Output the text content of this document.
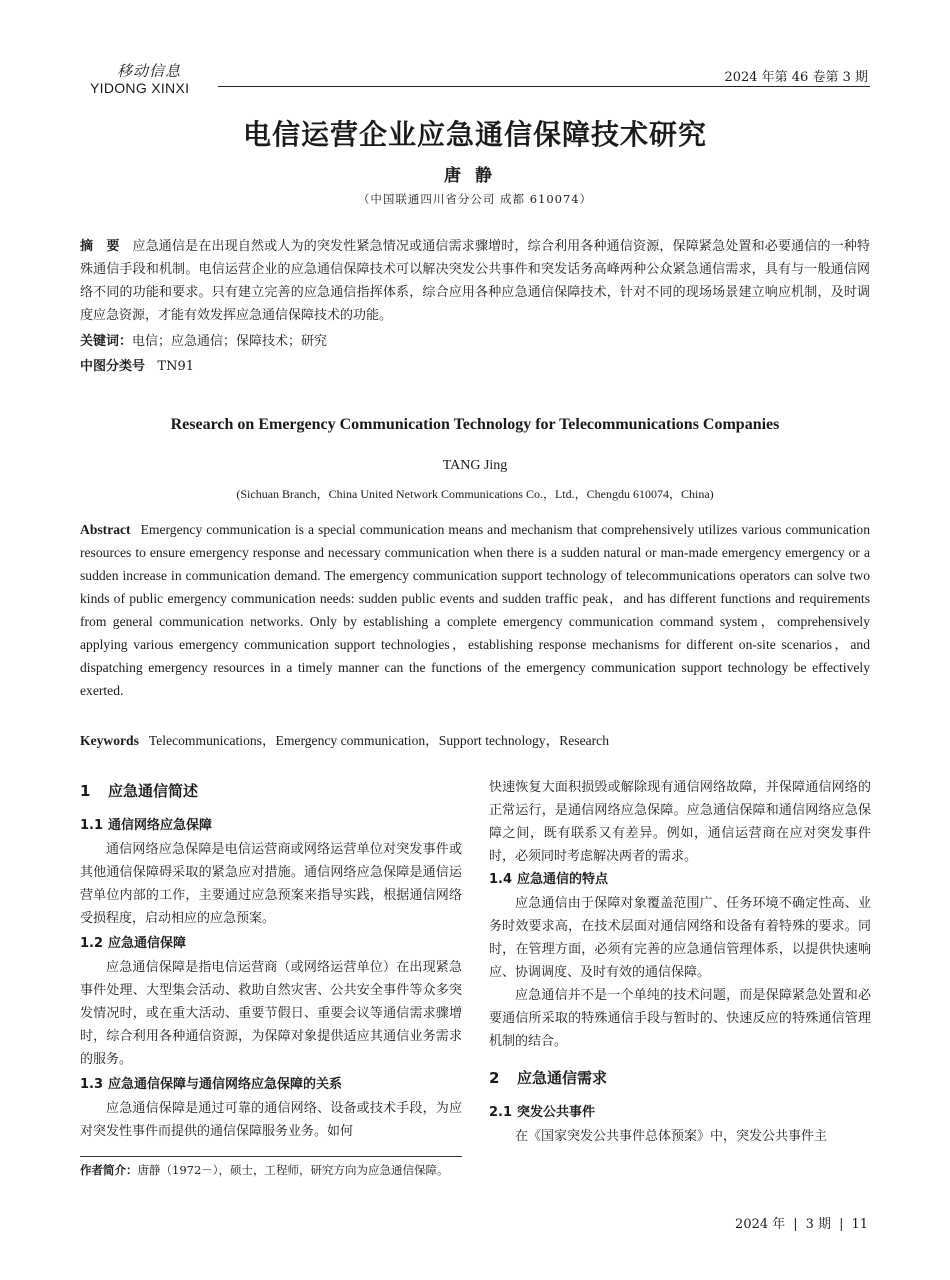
移动信息
YIDONG XINXI
2024 年第 46 卷第 3 期
电信运营企业应急通信保障技术研究
唐静
（中国联通四川省分公司 成都 610074）
摘　要 应急通信是在出现自然或人为的突发性紧急情况或通信需求骤增时，综合利用各种通信资源，保障紧急处置和必要通信的一种特殊通信手段和机制。电信运营企业的应急通信保障技术可以解决突发公共事件和突发话务高峰两种公众紧急通信需求，具有与一般通信网络不同的功能和要求。只有建立完善的应急通信指挥体系，综合应用各种应急通信保障技术，针对不同的现场场景建立响应机制，及时调度应急资源，才能有效发挥应急通信保障技术的功能。
关键词：电信；应急通信；保障技术；研究
中图分类号 TN91
Research on Emergency Communication Technology for Telecommunications Companies
TANG Jing
(Sichuan Branch，China United Network Communications Co.，Ltd.，Chengdu 610074，China)
Abstract Emergency communication is a special communication means and mechanism that comprehensively utilizes various communication resources to ensure emergency response and necessary communication when there is a sudden natural or man-made emergency emergency or a sudden increase in communication demand. The emergency communication support technology of telecommunications operators can solve two kinds of public emergency communication needs: sudden public events and sudden traffic peak，and has different functions and requirements from general communication networks. Only by establishing a complete emergency communication command system，comprehensively applying various emergency communication support technologies，establishing response mechanisms for different on-site scenarios，and dispatching emergency resources in a timely manner can the functions of the emergency communication support technology be effectively exerted.
Keywords Telecommunications，Emergency communication，Support technology，Research
1 应急通信简述
1.1 通信网络应急保障

通信网络应急保障是电信运营商或网络运营单位对突发事件或其他通信保障碍采取的紧急应对措施。通信网络应急保障是通信运营单位内部的工作，主要通过应急预案来指导实践，根据通信网络受损程度，启动相应的应急预案。

1.2 应急通信保障

应急通信保障是指电信运营商（或网络运营单位）在出现紧急事件处理、大型集会活动、救助自然灾害、公共安全事件等众多突发情况时，或在重大活动、重要节假日、重要会议等通信需求骤增时，综合利用各种通信资源，为保障对象提供适应其通信业务需求的服务。

1.3 应急通信保障与通信网络应急保障的关系

应急通信保障是通过可靠的通信网络、设备或技术手段，为应对突发性事件而提供的通信保障服务业务。如何

作者简介：唐静（1972－），硕士，工程师，研究方向为应急通信保障。

快速恢复大面积损毁或解除现有通信网络故障，并保障通信网络的正常运行，是通信网络应急保障。应急通信保障和通信网络应急保障之间，既有联系又有差异。例如，通信运营商在应对突发事件时，必须同时考虑解决两者的需求。

1.4 应急通信的特点

应急通信由于保障对象覆盖范围广、任务环境不确定性高、业务时效要求高，在技术层面对通信网络和设备有着特殊的要求。同时，在管理方面，必须有完善的应急通信管理体系，以提供快速响应、协调调度、及时有效的通信保障。

应急通信并不是一个单纯的技术问题，而是保障紧急处置和必要通信所采取的特殊通信手段与暂时的、快速反应的特殊通信管理机制的结合。

2 应急通信需求
2.1 突发公共事件

在《国家突发公共事件总体预案》中，突发公共事件主

2024 年 | 3 期 | 11
